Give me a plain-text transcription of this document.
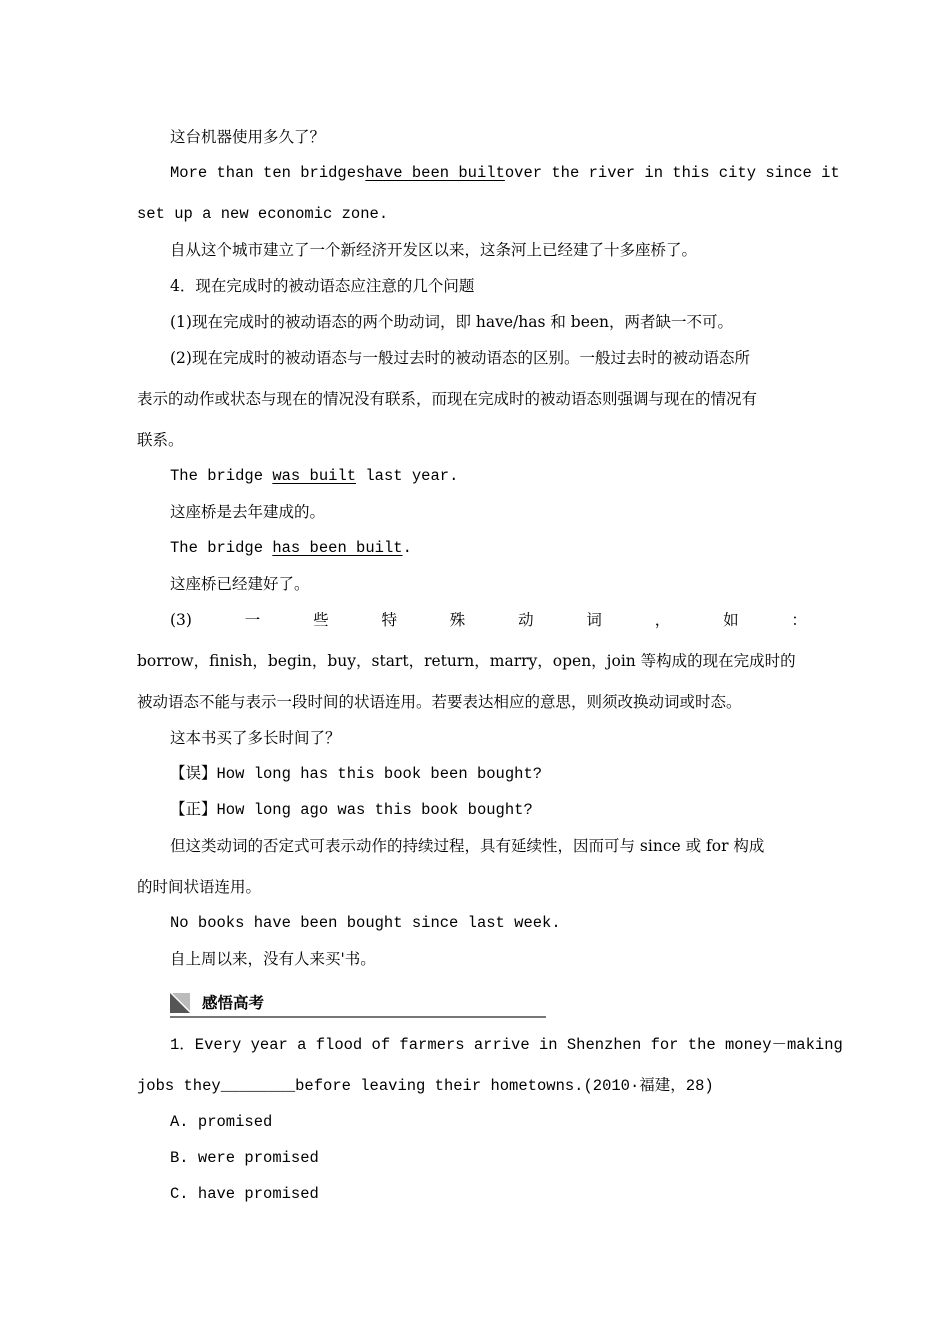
这台机器使用多久了？
More than ten bridges have been built over the river in this city since it
set up a new economic zone.
自从这个城市建立了一个新经济开发区以来，这条河上已经建了十多座桥了。
4．现在完成时的被动语态应注意的几个问题
(1)现在完成时的被动语态的两个助动词，即 have/has 和 been，两者缺一不可。
(2)现在完成时的被动语态与一般过去时的被动语态的区别。一般过去时的被动语态所
表示的动作或状态与现在的情况没有联系，而现在完成时的被动语态则强调与现在的情况有
联系。
The bridge was built last year.
这座桥是去年建成的。
The bridge has been built.
这座桥已经建好了。
(3)	一	些	特	殊	动	词	，	如	：
borrow，finish，begin，buy，start，return，marry，open，join 等构成的现在完成时的
被动语态不能与表示一段时间的状语连用。若要表达相应的意思，则须改换动词或时态。
这本书买了多长时间了？
【误】How long has this book been bought?
【正】How long ago was this book bought?
但这类动词的否定式可表示动作的持续过程，具有延续性，因而可与 since 或 for 构成
的时间状语连用。
No books have been bought since last week.
自上周以来，没有人来买'书。
感悟高考
1．Every year a flood of farmers arrive in Shenzhen for the money－making
jobs they________before leaving their hometowns.(2010·福建，28)
A. promised
B. were promised
C. have promised
